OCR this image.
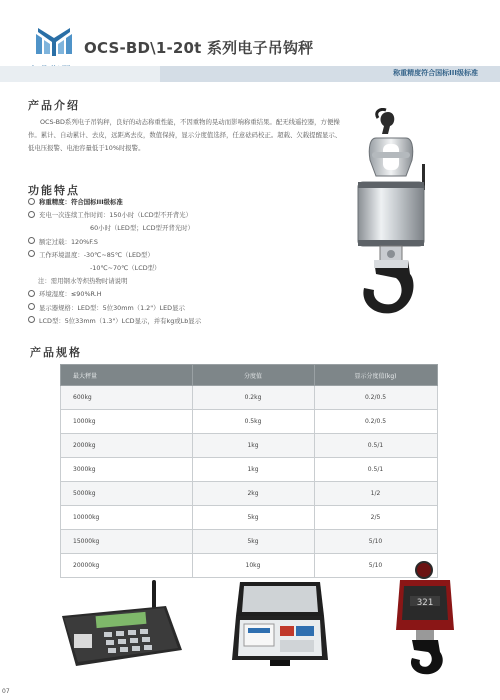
OCS-BD\1-20t 系列电子吊钩秤
称重精度符合国标III级标准
产品介绍
OCS-BD系列电子吊钩秤，良好的动态称重性能，不因重物的晃动而影响称重结果。配无线遥控器，方便操作。累计、自动累计、去皮，远距离去皮，数值保持，显示分度值选择，任意砝码校正。超载、欠载提醒显示、低电压报警、电池容量低于10%时报警。
功能特点
称重精度：符合国标III级标准
充电一次连续工作时间：150小时（LCD型不开背光）
60小时（LED型；LCD型开背光时）
额定过载：120%F.S
工作环境温度：-30℃~85℃（LED型）
-10℃~70℃（LCD型）
注：需用钢水等炽热物时请说明
环境湿度：≤90%R.H
显示器规格：LED型：5位30mm（1.2"）LED显示
LCD型：5位33mm（1.3"）LCD显示，并有kg或Lb显示
产品规格
最大秤量	分度值	显示分度值(kg)
600kg	0.2kg	0.2/0.5
1000kg	0.5kg	0.2/0.5
2000kg	1kg	0.5/1
3000kg	1kg	0.5/1
5000kg	2kg	1/2
10000kg	5kg	2/5
15000kg	5kg	5/10
20000kg	10kg	5/10
321
07
